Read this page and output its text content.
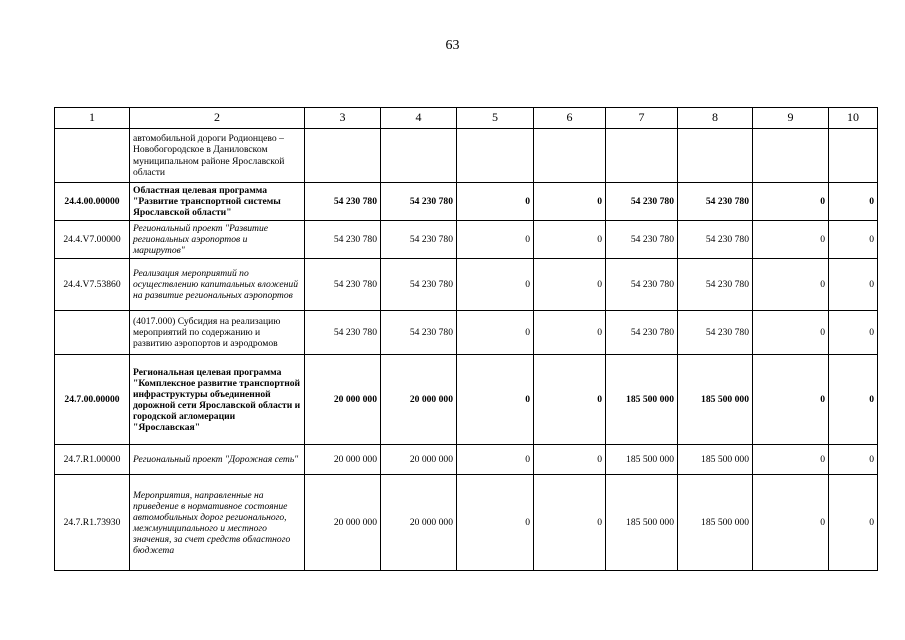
63
1	2	3	4	5	6	7	8	9	10
	автомобильной дороги Родионцево – Новобогородское в Даниловском муниципальном районе Ярославской области								
24.4.00.00000	Областная целевая программа "Развитие транспортной системы Ярославской области"	54 230 780	54 230 780	0	0	54 230 780	54 230 780	0	0
24.4.V7.00000	Региональный проект "Развитие региональных аэропортов и маршрутов"	54 230 780	54 230 780	0	0	54 230 780	54 230 780	0	0
24.4.V7.53860	Реализация мероприятий по осуществлению капитальных вложений на развитие региональных аэропортов	54 230 780	54 230 780	0	0	54 230 780	54 230 780	0	0
	(4017.000) Субсидия на реализацию мероприятий по содержанию и развитию аэропортов и аэродромов	54 230 780	54 230 780	0	0	54 230 780	54 230 780	0	0
24.7.00.00000	Региональная целевая программа "Комплексное развитие транспортной инфраструктуры объединенной дорожной сети Ярославской области и городской агломерации "Ярославская"	20 000 000	20 000 000	0	0	185 500 000	185 500 000	0	0
24.7.R1.00000	Региональный проект "Дорожная сеть"	20 000 000	20 000 000	0	0	185 500 000	185 500 000	0	0
24.7.R1.73930	Мероприятия, направленные на приведение в нормативное состояние автомобильных дорог регионального, межмуниципального и местного значения, за счет средств областного бюджета	20 000 000	20 000 000	0	0	185 500 000	185 500 000	0	0
